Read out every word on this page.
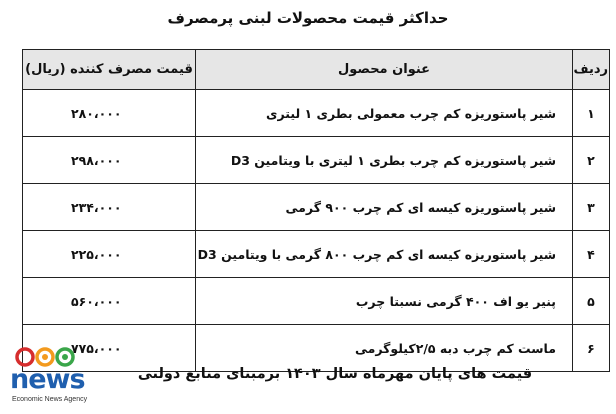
حداکثر قیمت محصولات لبنی پرمصرف
ردیف	عنوان محصول	قیمت مصرف کننده (ریال)
۱	شیر پاستوریزه کم چرب معمولی بطری ۱ لیتری	۲۸۰،۰۰۰
۲	شیر پاستوریزه کم چرب بطری ۱ لیتری با ویتامین D3	۲۹۸،۰۰۰
۳	شیر پاستوریزه کیسه ای کم چرب ۹۰۰ گرمی	۲۳۴،۰۰۰
۴	شیر پاستوریزه کیسه ای کم چرب ۸۰۰ گرمی با ویتامین D3	۲۲۵،۰۰۰
۵	پنیر یو اف ۴۰۰ گرمی نسبتا چرب	۵۶۰،۰۰۰
۶	ماست کم چرب دبه ۲/۵کیلوگرمی	۷۷۵،۰۰۰
news
Economic News Agency
قیمت های پایان مهرماه سال ۱۴۰۳ برمبنای منابع دولتی
